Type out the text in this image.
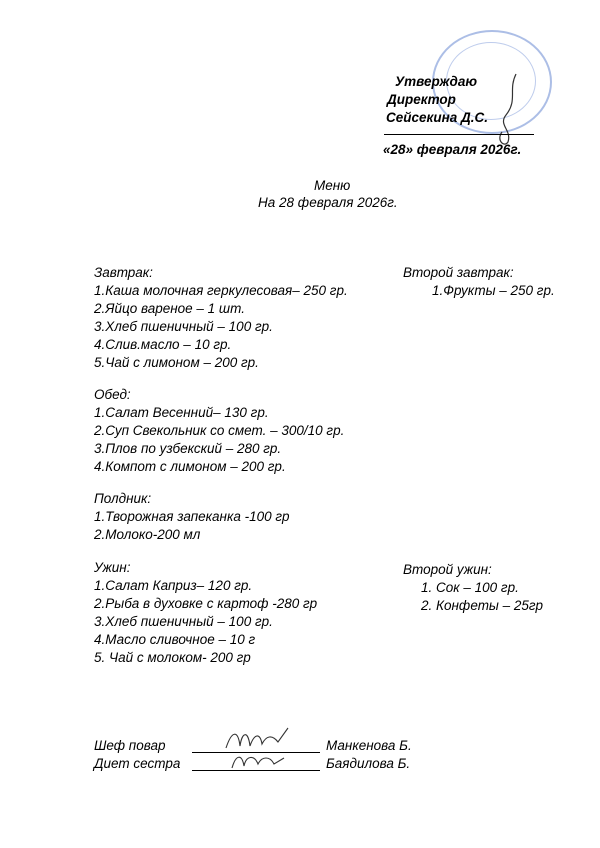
Утверждаю
Директор
Сейсекина Д.С.
«28» февраля 2026г.
Меню
На 28 февраля 2026г.
Завтрак:
1.Каша молочная геркулесовая– 250 гр.
2.Яйцо вареное – 1 шт.
3.Хлеб пшеничный – 100 гр.
4.Слив.масло – 10 гр.
5.Чай с лимоном – 200 гр.
Второй завтрак:
1.Фрукты – 250 гр.
Обед:
1.Салат Весенний– 130 гр.
2.Суп Свекольник со смет. – 300/10 гр.
3.Плов по узбекский – 280 гр.
4.Компот с лимоном – 200 гр.
Полдник:
1.Творожная запеканка -100 гр
2.Молоко-200 мл
Ужин:
1.Салат Каприз– 120 гр.
2.Рыба в духовке с картоф -280 гр
3.Хлеб пшеничный – 100 гр.
4.Масло сливочное – 10 г
5. Чай с молоком- 200 гр
Второй ужин:
1. Сок – 100 гр.
2. Конфеты – 25гр
Шеф повар	Манкенова Б.
Диет сестра	Баядилова Б.
